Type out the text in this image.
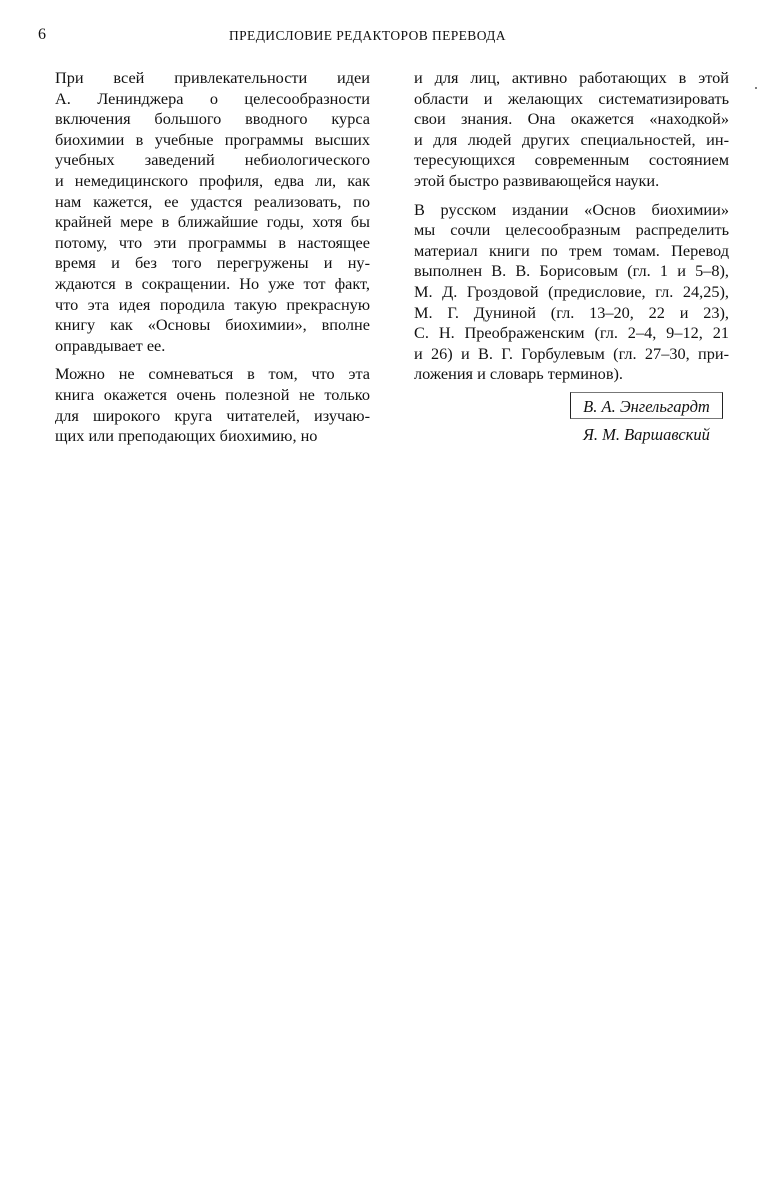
6	ПРЕДИСЛОВИЕ РЕДАКТОРОВ ПЕРЕВОДА
При всей привлекательности идеи
А. Ленинджера о целесообразности
включения большого вводного курса
биохимии в учебные программы высших
учебных заведений небиологического
и немедицинского профиля, едва ли, как
нам кажется, ее удастся реализовать, по
крайней мере в ближайшие годы, хотя бы
потому, что эти программы в настоящее
время и без того перегружены и ну-
ждаются в сокращении. Но уже тот факт,
что эта идея породила такую прекрасную
книгу как «Основы биохимии», вполне
оправдывает ее.
Можно не сомневаться в том, что эта
книга окажется очень полезной не только
для широкого круга читателей, изучаю-
щих или преподающих биохимию, но
и для лиц, активно работающих в этой
области и желающих систематизировать
свои знания. Она окажется «находкой»
и для людей других специальностей, ин-
тересующихся современным состоянием
этой быстро развивающейся науки.
В русском издании «Основ биохимии»
мы сочли целесообразным распределить
материал книги по трем томам. Перевод
выполнен В. В. Борисовым (гл. 1 и 5–8),
М. Д. Гроздовой (предисловие, гл. 24,25),
М. Г. Дуниной (гл. 13–20, 22 и 23),
С. Н. Преображенским (гл. 2–4, 9–12, 21
и 26) и В. Г. Горбулевым (гл. 27–30, при-
ложения и словарь терминов).
В. А. Энгельгардт
Я. М. Варшавский
